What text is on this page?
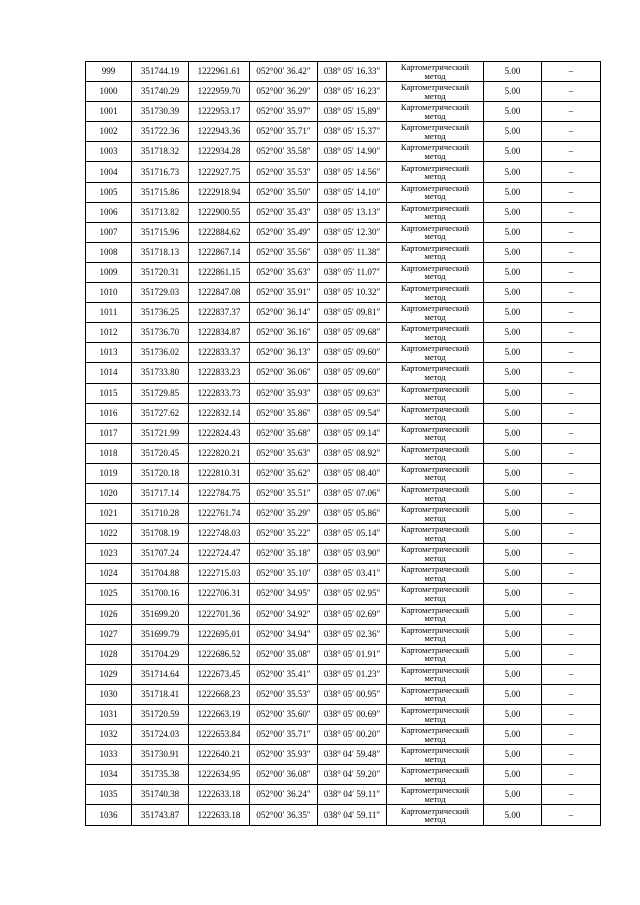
999	351744.19	1222961.61	052°00′ 36.42″	038° 05′ 16.33″	Картометрический
метод	5.00	–
1000	351740.29	1222959.70	052°00′ 36.29″	038° 05′ 16.23″	Картометрический
метод	5.00	–
1001	351730.39	1222953.17	052°00′ 35.97″	038° 05′ 15.89″	Картометрический
метод	5.00	–
1002	351722.36	1222943.36	052°00′ 35.71″	038° 05′ 15.37″	Картометрический
метод	5.00	–
1003	351718.32	1222934.28	052°00′ 35.58″	038° 05′ 14.90″	Картометрический
метод	5.00	–
1004	351716.73	1222927.75	052°00′ 35.53″	038° 05′ 14.56″	Картометрический
метод	5.00	–
1005	351715.86	1222918.94	052°00′ 35.50″	038° 05′ 14.10″	Картометрический
метод	5.00	–
1006	351713.82	1222900.55	052°00′ 35.43″	038° 05′ 13.13″	Картометрический
метод	5.00	–
1007	351715.96	1222884.62	052°00′ 35.49″	038° 05′ 12.30″	Картометрический
метод	5.00	–
1008	351718.13	1222867.14	052°00′ 35.56″	038° 05′ 11.38″	Картометрический
метод	5.00	–
1009	351720.31	1222861.15	052°00′ 35.63″	038° 05′ 11.07″	Картометрический
метод	5.00	–
1010	351729.03	1222847.08	052°00′ 35.91″	038° 05′ 10.32″	Картометрический
метод	5.00	–
1011	351736.25	1222837.37	052°00′ 36.14″	038° 05′ 09.81″	Картометрический
метод	5.00	–
1012	351736.70	1222834.87	052°00′ 36.16″	038° 05′ 09.68″	Картометрический
метод	5.00	–
1013	351736.02	1222833.37	052°00′ 36.13″	038° 05′ 09.60″	Картометрический
метод	5.00	–
1014	351733.80	1222833.23	052°00′ 36.06″	038° 05′ 09.60″	Картометрический
метод	5.00	–
1015	351729.85	1222833.73	052°00′ 35.93″	038° 05′ 09.63″	Картометрический
метод	5.00	–
1016	351727.62	1222832.14	052°00′ 35.86″	038° 05′ 09.54″	Картометрический
метод	5.00	–
1017	351721.99	1222824.43	052°00′ 35.68″	038° 05′ 09.14″	Картометрический
метод	5.00	–
1018	351720.45	1222820.21	052°00′ 35.63″	038° 05′ 08.92″	Картометрический
метод	5.00	–
1019	351720.18	1222810.31	052°00′ 35.62″	038° 05′ 08.40″	Картометрический
метод	5.00	–
1020	351717.14	1222784.75	052°00′ 35.51″	038° 05′ 07.06″	Картометрический
метод	5.00	–
1021	351710.28	1222761.74	052°00′ 35.29″	038° 05′ 05.86″	Картометрический
метод	5.00	–
1022	351708.19	1222748.03	052°00′ 35.22″	038° 05′ 05.14″	Картометрический
метод	5.00	–
1023	351707.24	1222724.47	052°00′ 35.18″	038° 05′ 03.90″	Картометрический
метод	5.00	–
1024	351704.88	1222715.03	052°00′ 35.10″	038° 05′ 03.41″	Картометрический
метод	5.00	–
1025	351700.16	1222706.31	052°00′ 34.95″	038° 05′ 02.95″	Картометрический
метод	5.00	–
1026	351699.20	1222701.36	052°00′ 34.92″	038° 05′ 02.69″	Картометрический
метод	5.00	–
1027	351699.79	1222695.01	052°00′ 34.94″	038° 05′ 02.36″	Картометрический
метод	5.00	–
1028	351704.29	1222686.52	052°00′ 35.08″	038° 05′ 01.91″	Картометрический
метод	5.00	–
1029	351714.64	1222673.45	052°00′ 35.41″	038° 05′ 01.23″	Картометрический
метод	5.00	–
1030	351718.41	1222668.23	052°00′ 35.53″	038° 05′ 00.95″	Картометрический
метод	5.00	–
1031	351720.59	1222663.19	052°00′ 35.60″	038° 05′ 00.69″	Картометрический
метод	5.00	–
1032	351724.03	1222653.84	052°00′ 35.71″	038° 05′ 00.20″	Картометрический
метод	5.00	–
1033	351730.91	1222640.21	052°00′ 35.93″	038° 04′ 59.48″	Картометрический
метод	5.00	–
1034	351735.38	1222634.95	052°00′ 36.08″	038° 04′ 59.20″	Картометрический
метод	5.00	–
1035	351740.38	1222633.18	052°00′ 36.24″	038° 04′ 59.11″	Картометрический
метод	5.00	–
1036	351743.87	1222633.18	052°00′ 36.35″	038° 04′ 59.11″	Картометрический
метод	5.00	–
